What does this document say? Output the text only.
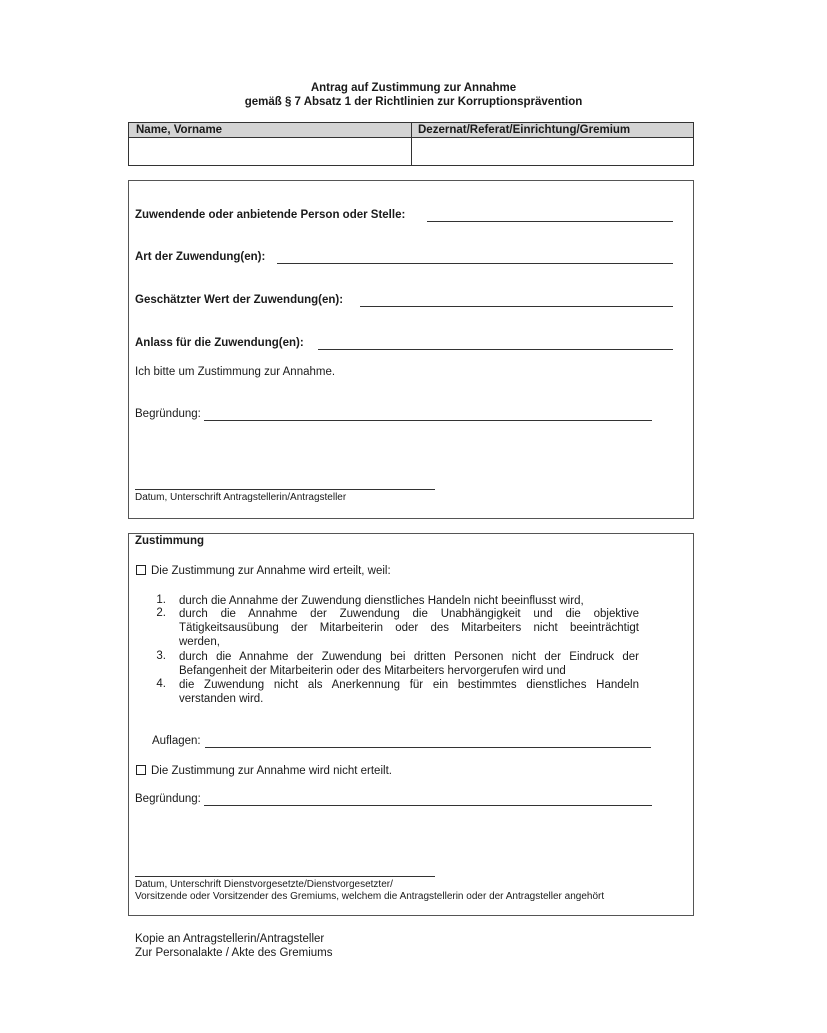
Antrag auf Zustimmung zur Annahme
gemäß § 7 Absatz 1 der Richtlinien zur Korruptionsprävention
Name, Vorname	Dezernat/Referat/Einrichtung/Gremium
Zuwendende oder anbietende Person oder Stelle:
Art der Zuwendung(en):
Geschätzter Wert der Zuwendung(en):
Anlass für die Zuwendung(en):
Ich bitte um Zustimmung zur Annahme.
Begründung:
Datum, Unterschrift Antragstellerin/Antragsteller
Zustimmung
Die Zustimmung zur Annahme wird erteilt, weil:
1. durch die Annahme der Zuwendung dienstliches Handeln nicht beeinflusst wird,
2. durch die Annahme der Zuwendung die Unabhängigkeit und die objektive
Tätigkeitsausübung der Mitarbeiterin oder des Mitarbeiters nicht beeinträchtigt
werden,
3. durch die Annahme der Zuwendung bei dritten Personen nicht der Eindruck der
Befangenheit der Mitarbeiterin oder des Mitarbeiters hervorgerufen wird und
4. die Zuwendung nicht als Anerkennung für ein bestimmtes dienstliches Handeln
verstanden wird.
Auflagen:
Die Zustimmung zur Annahme wird nicht erteilt.
Begründung:
Datum, Unterschrift Dienstvorgesetzte/Dienstvorgesetzter/
Vorsitzende oder Vorsitzender des Gremiums, welchem die Antragstellerin oder der Antragsteller angehört
Kopie an Antragstellerin/Antragsteller
Zur Personalakte / Akte des Gremiums
